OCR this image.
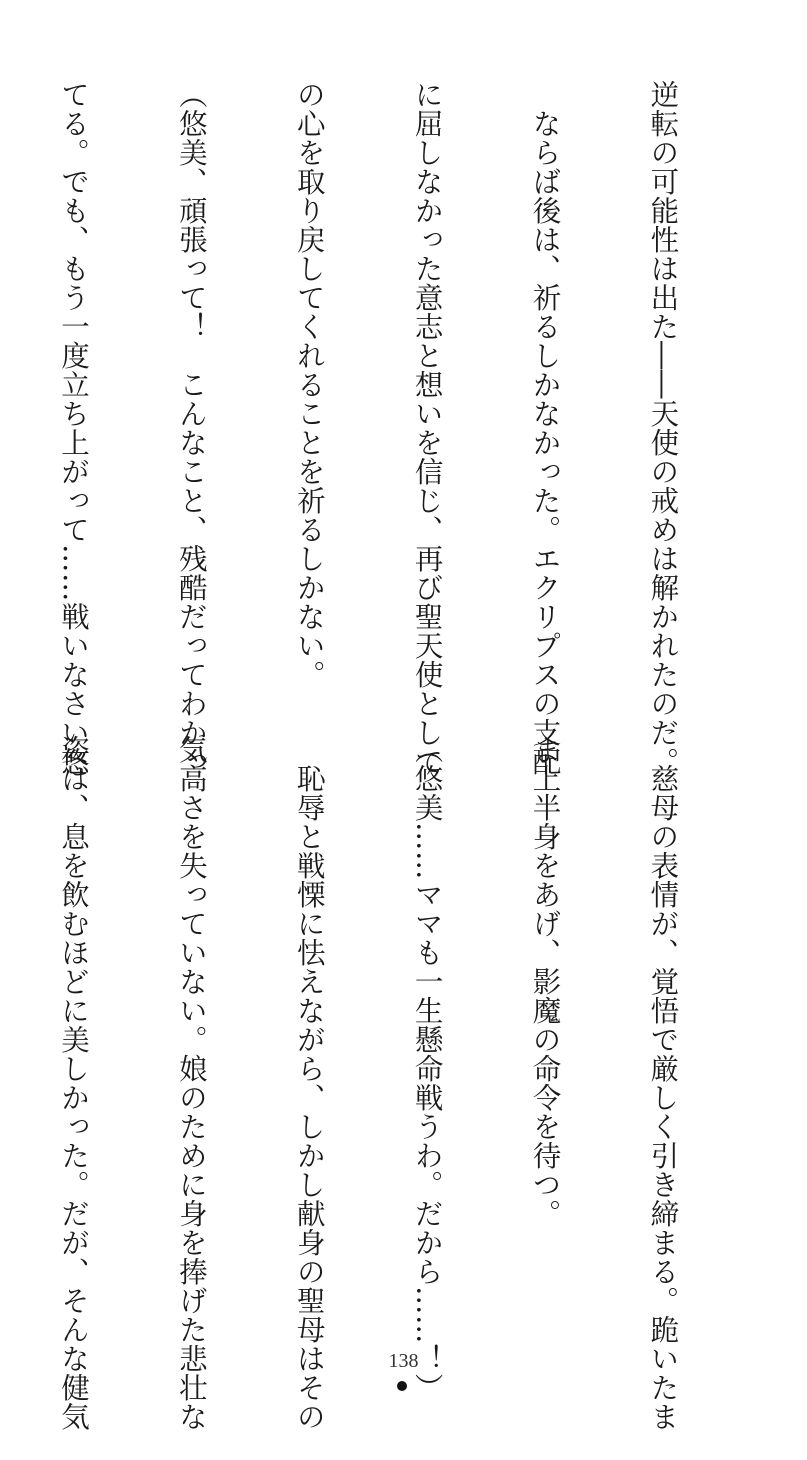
逆転の可能性は出た――天使の戒めは解かれたのだ。

　ならば後は、祈るしかなかった。エクリプスの支配

に屈しなかった意志と想いを信じ、再び聖天使として

の心を取り戻してくれることを祈るしかない。

（悠美、頑張って！　こんなこと、残酷だってわかっ

てる。でも、もう一度立ち上がって……戦いなさい悠

　慈母の表情が、覚悟で厳しく引き締まる。跪いたま

ま上半身をあげ、影魔の命令を待つ。

（悠美……ママも一生懸命戦うわ。だから……！）

　恥辱と戦慄に怯えながら、しかし献身の聖母はその

気高さを失っていない。娘のために身を捧げた悲壮な

姿は、息を飲むほどに美しかった。だが、そんな健気

	138
